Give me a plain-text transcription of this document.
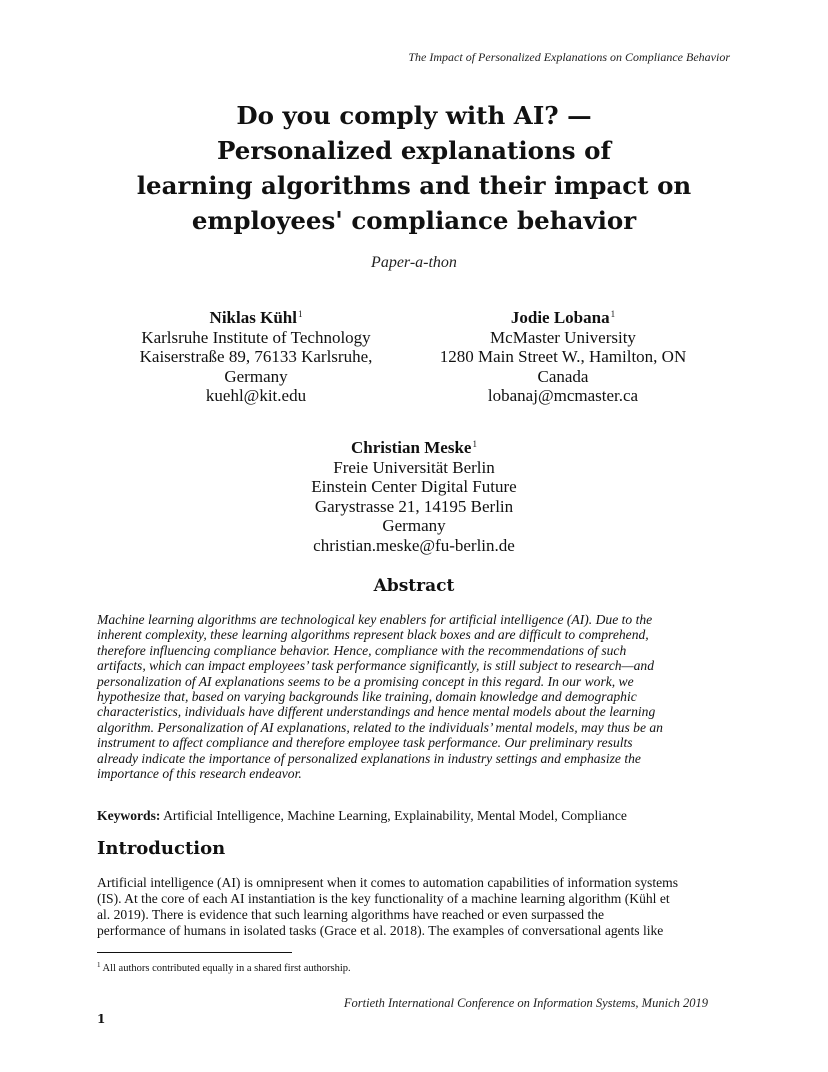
The Impact of Personalized Explanations on Compliance Behavior
Do you comply with AI? —
Personalized explanations of
learning algorithms and their impact on
employees' compliance behavior
Paper-a-thon
Niklas Kühl$^1$
Karlsruhe Institute of Technology
Kaiserstraße 89, 76133 Karlsruhe,
Germany
kuehl@kit.edu
Jodie Lobana$^1$
McMaster University
1280 Main Street W., Hamilton, ON
Canada
lobanaj@mcmaster.ca
Christian Meske$^1$
Freie Universität Berlin
Einstein Center Digital Future
Garystrasse 21, 14195 Berlin
Germany
christian.meske@fu-berlin.de
Abstract
Machine learning algorithms are technological key enablers for artificial intelligence (AI). Due to the
inherent complexity, these learning algorithms represent black boxes and are difficult to comprehend,
therefore influencing compliance behavior. Hence, compliance with the recommendations of such
artifacts, which can impact employees’ task performance significantly, is still subject to research—and
personalization of AI explanations seems to be a promising concept in this regard. In our work, we
hypothesize that, based on varying backgrounds like training, domain knowledge and demographic
characteristics, individuals have different understandings and hence mental models about the learning
algorithm. Personalization of AI explanations, related to the individuals’ mental models, may thus be an
instrument to affect compliance and therefore employee task performance. Our preliminary results
already indicate the importance of personalized explanations in industry settings and emphasize the
importance of this research endeavor.
Keywords: Artificial Intelligence, Machine Learning, Explainability, Mental Model, Compliance
Introduction
Artificial intelligence (AI) is omnipresent when it comes to automation capabilities of information systems
(IS). At the core of each AI instantiation is the key functionality of a machine learning algorithm (Kühl et
al. 2019). There is evidence that such learning algorithms have reached or even surpassed the
performance of humans in isolated tasks (Grace et al. 2018). The examples of conversational agents like
$^1$ All authors contributed equally in a shared first authorship.
Fortieth International Conference on Information Systems, Munich 2019
1
